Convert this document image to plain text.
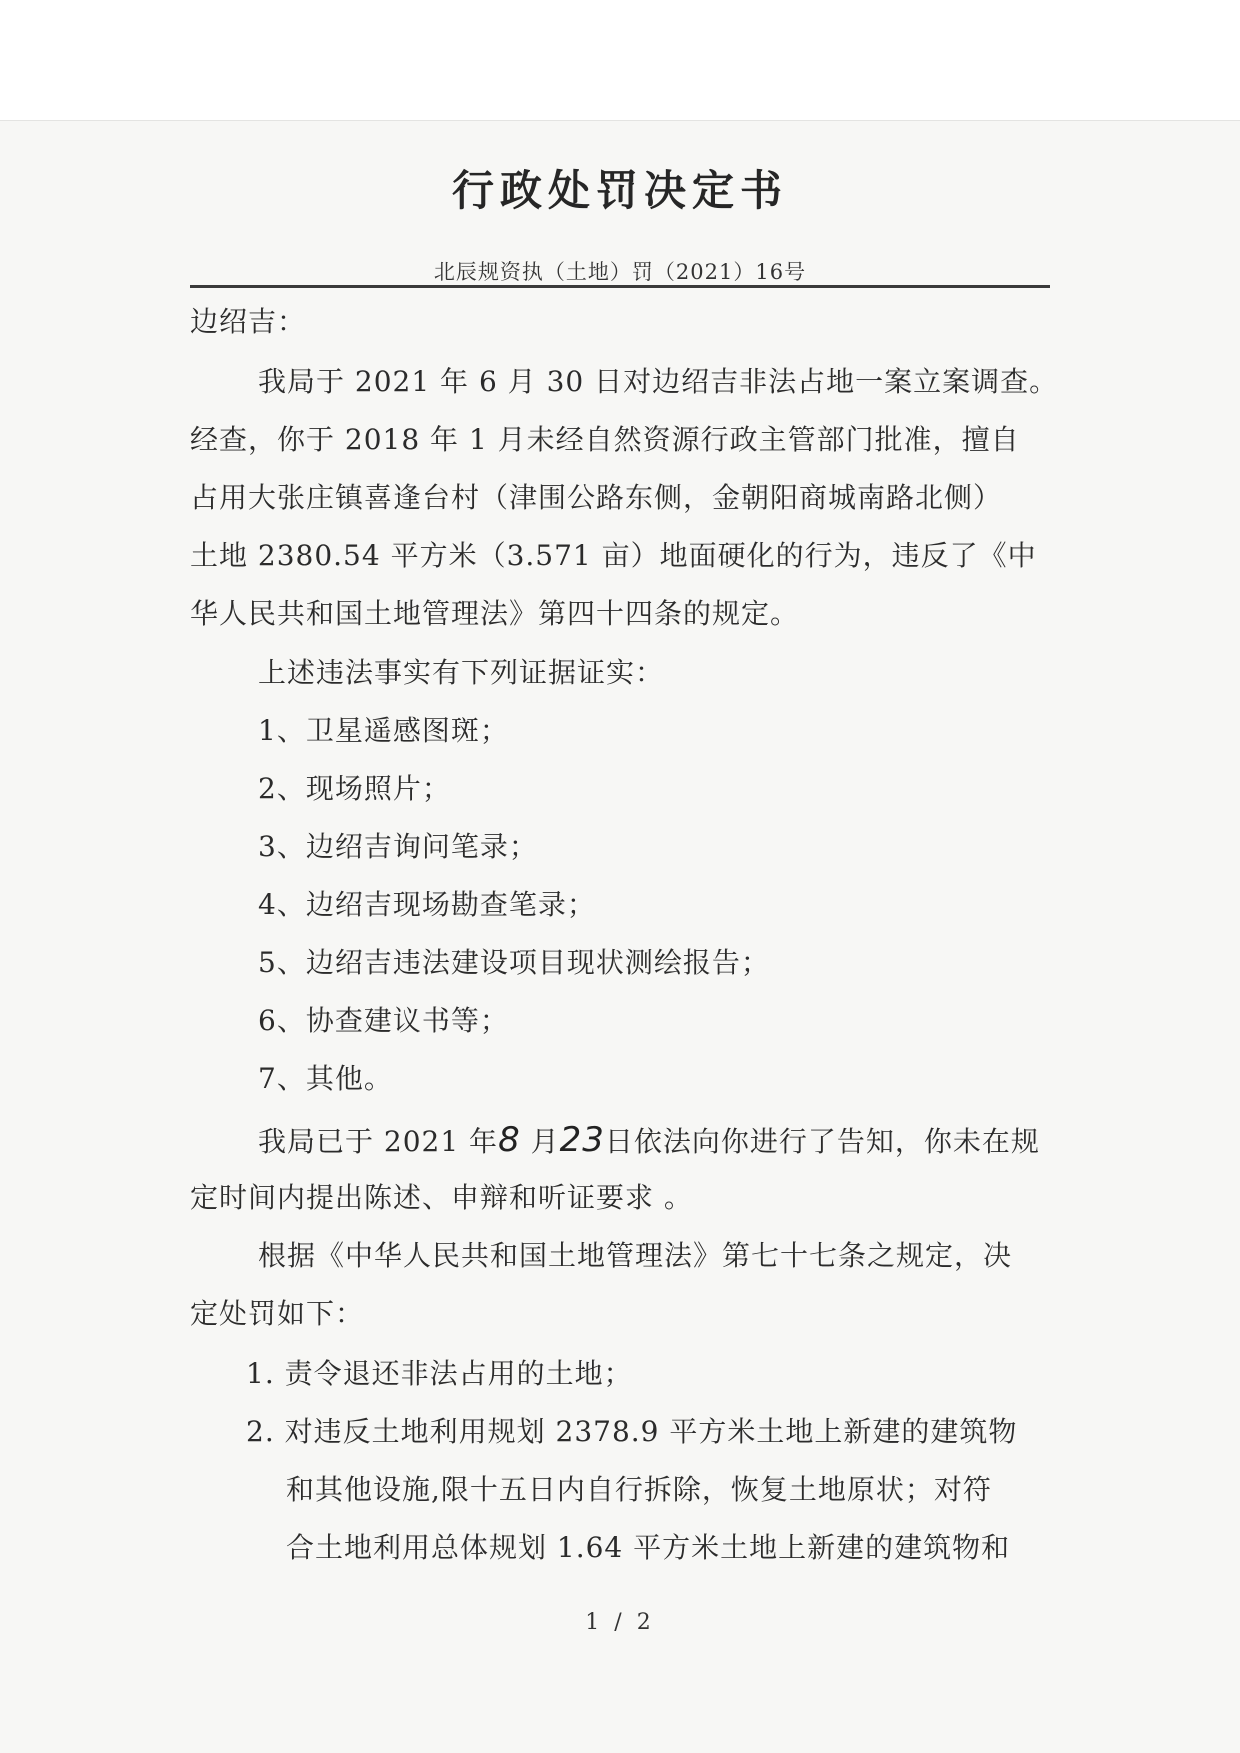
行政处罚决定书
北辰规资执（土地）罚（2021）16号
边绍吉：
我局于 2021 年 6 月 30 日对边绍吉非法占地一案立案调查。
经查，你于 2018 年 1 月未经自然资源行政主管部门批准，擅自
占用大张庄镇喜逢台村（津围公路东侧，金朝阳商城南路北侧）
土地 2380.54 平方米（3.571 亩）地面硬化的行为，违反了《中
华人民共和国土地管理法》第四十四条的规定。
上述违法事实有下列证据证实：
1、卫星遥感图斑；
2、现场照片；
3、边绍吉询问笔录；
4、边绍吉现场勘查笔录；
5、边绍吉违法建设项目现状测绘报告；
6、协查建议书等；
7、其他。
我局已于 2021 年8 月23日依法向你进行了告知，你未在规
定时间内提出陈述、申辩和听证要求 。
根据《中华人民共和国土地管理法》第七十七条之规定，决
定处罚如下：
1. 责令退还非法占用的土地；
2. 对违反土地利用规划 2378.9 平方米土地上新建的建筑物
和其他设施,限十五日内自行拆除，恢复土地原状；对符
合土地利用总体规划 1.64 平方米土地上新建的建筑物和
1 / 2
